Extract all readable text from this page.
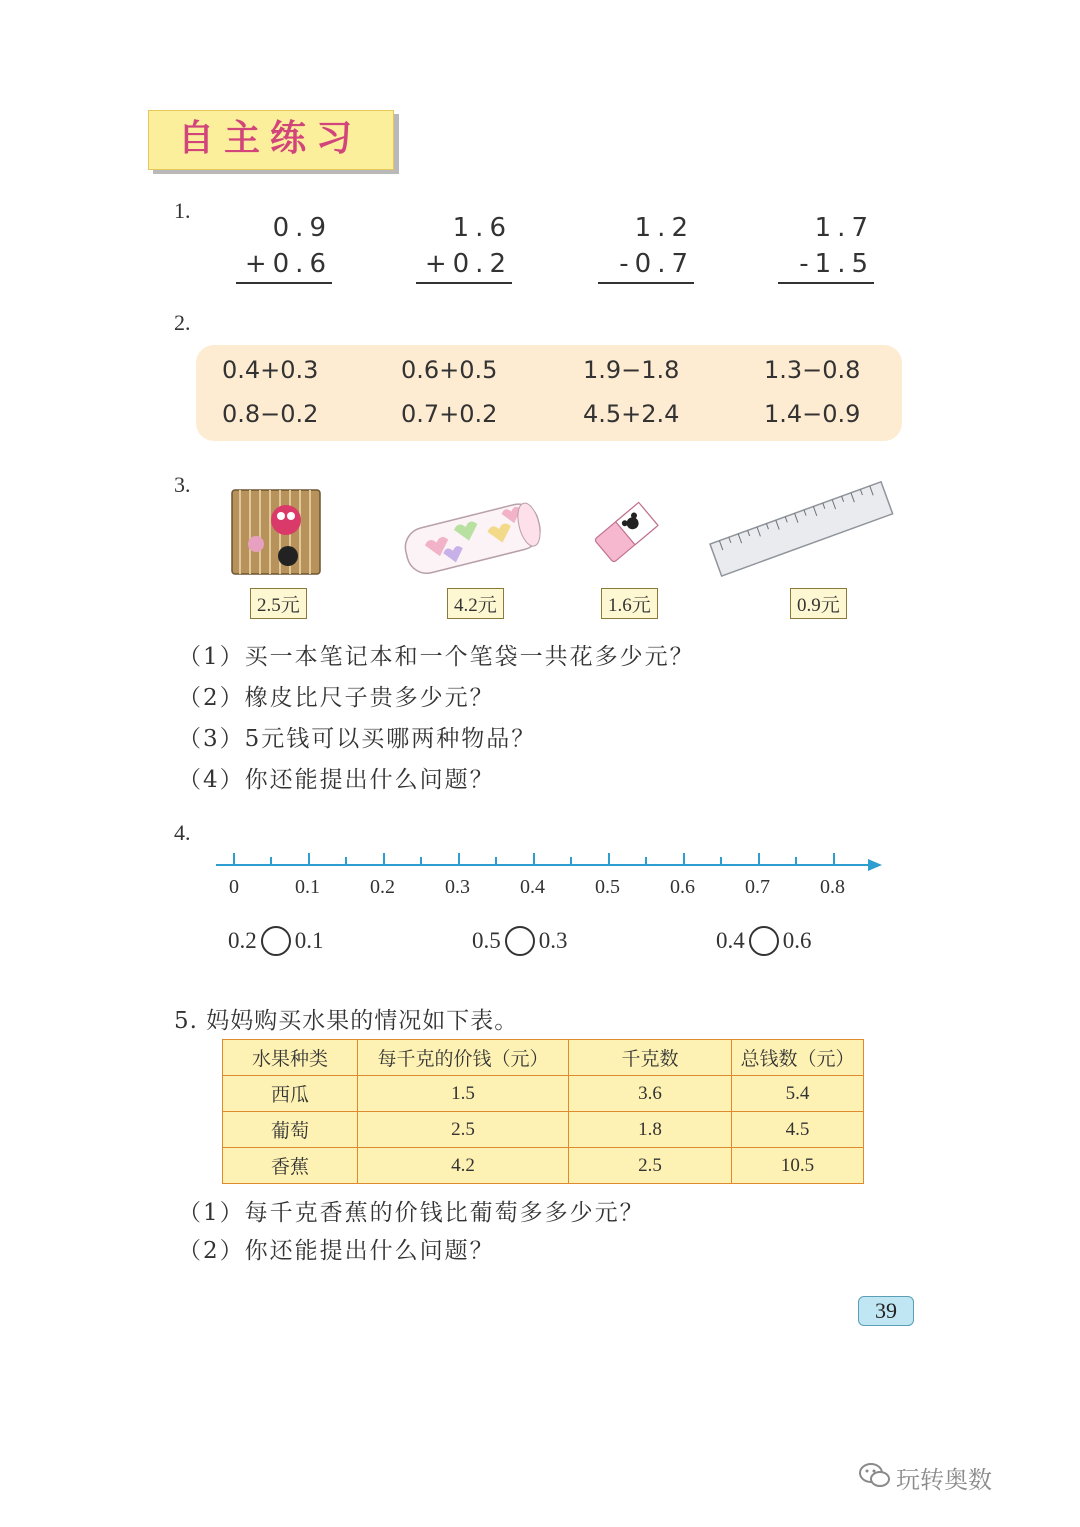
自主练习
1.
0.9
+0.6
1.6
+0.2
1.2
-0.7
1.7
-1.5
2.
0.4+0.3	0.6+0.5	1.9−1.8	1.3−0.8
0.8−0.2	0.7+0.2	4.5+2.4	1.4−0.9
3.
2.5元	4.2元	1.6元	0.9元
（1）买一本笔记本和一个笔袋一共花多少元？
（2）橡皮比尺子贵多少元？
（3）5元钱可以买哪两种物品？
（4）你还能提出什么问题？
4.
0	0.1	0.2	0.3	0.4	0.5	0.6	0.7	0.8
0.2 0.1	0.5 0.3	0.4 0.6
5. 妈妈购买水果的情况如下表。
水果种类	每千克的价钱（元）	千克数	总钱数（元）
西瓜	1.5	3.6	5.4
葡萄	2.5	1.8	4.5
香蕉	4.2	2.5	10.5
（1）每千克香蕉的价钱比葡萄多多少元？
（2）你还能提出什么问题？
39
玩转奥数
